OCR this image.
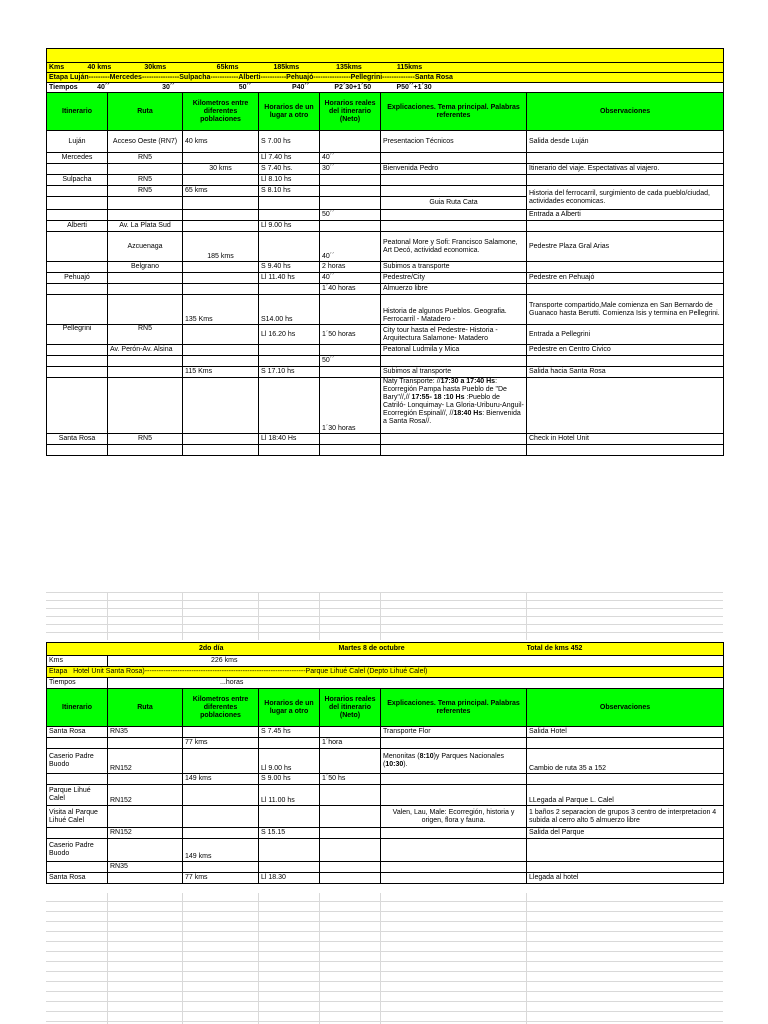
Kms            40 kms                 30kms                          65kms                  185kms                   135kms                  115kms						
Etapa Luján---------Mercedes----------------Sulpacha------------Alberti-----------Pehuajó----------------Pellegrini--------------Santa Rosa						
Tiempos          40´´                           30´´                                 50´´                     P40´´             P2´30+1´50             P50´´+1´30						
Itinerario	Ruta	Kilometros entre diferentes poblaciones	Horarios de un lugar a otro	Horarios reales del itinerario (Neto)	Explicaciones. Tema principal. Palabras referentes	Observaciones
Luján	Acceso Oeste (RN7)	40 kms	S 7.00 hs		Presentacion Técnicos	Salida desde Luján
Mercedes	RN5		Ll 7.40 hs	40´´		
		30 kms	S 7.40 hs.	30´´	Bienvenida Pedro	Itinerario del viaje. Espectativas al viajero.
Sulpacha	RN5		Ll 8.10 hs			
	RN5	65 kms	S 8.10 hs			Historia del ferrocarril, surgimiento de cada pueblo/ciudad, actividades economicas.
					Guia Ruta Cata	
				50´´		Entrada a Alberti
Alberti	Av. La Plata Sud		Ll 9.00 hs			
	Azcuenaga	185 kms		40´´	Peatonal More y Sofi: Francisco Salamone, Art Decó, actividad economica.	Pedestre Plaza Gral Arias
	Belgrano		S 9.40 hs	2 horas	Subimos a transporte	
Pehuajó			Ll 11.40 hs	40´´	Pedestre/City	Pedestre en Pehuajó
				1´40 horas	Almuerzo libre	
		135 Kms	S14.00 hs		Historia de algunos Pueblos. Geografia. Ferrocarril - Matadero -	Transporte compartido,Male comienza en San Bernardo de Guanaco hasta Berutti. Comienza Isis y termina en Pellegrini.
Pellegrini	RN5		Ll 16.20 hs	1´50 horas	City tour hasta el Pedestre- Historia - Arquitectura Salamone- Matadero	Entrada a Pellegrini
	Av. Perón-Av. Alsina				Peatonal Ludmila y Mica	Pedestre en Centro Civico
				50´´		
		115 Kms	S 17.10 hs		Subimos al transporte	Salida hacia Santa Rosa
				1´30 horas	Naty Transporte: //17:30 a 17:40 Hs: Ecorregión Pampa hasta Pueblo de "De Bary"//,// 17:55- 18 :10 Hs :Pueblo de Catriló- Lonquimay- La Gloria-Uriburu-Anguil- Ecorregión Espinal//, //18:40 Hs: Bienvenida a Santa Rosa//.	
Santa Rosa	RN5		Ll 18:40 Hs			Check in Hotel Unit

2do día			Martes 8 de octubre			Total de kms 452
Kms	226 kms					
Etapa   Hotel Unit Santa Rosa)---------------------------------------------------------------------Parque Lihué Calel (Depto Lihué Calel)						
Tiempos	...horas					
Itinerario	Ruta	Kilometros entre diferentes poblaciones	Horarios de un lugar a otro	Horarios reales del itinerario (Neto)	Explicaciones. Tema principal. Palabras referentes	Observaciones
Santa Rosa	RN35		S 7.45 hs		Transporte Flor	Salida Hotel
		77 kms		1´hora		
Caserio Padre Buodo	RN152		Ll 9.00 hs		Menonitas (8:10)y Parques Nacionales (10:30).	Cambio de ruta 35 a 152
		149 kms	S 9.00 hs	1´50 hs		
Parque Lihué Calel	RN152		Ll 11.00 hs			LLegada al Parque L. Calel
Visita al Parque Lihué Calel					Valen, Lau, Male: Ecorregión, historia y origen, flora y fauna.	1 baños 2 separacion de grupos 3 centro de interpretacion 4 subida al cerro alto 5 almuerzo libre
	RN152		S 15.15			Salida del Parque
Caserio Padre Buodo		149 kms				
	RN35					
Santa Rosa		77 kms	Ll 18.30			Llegada al hotel
